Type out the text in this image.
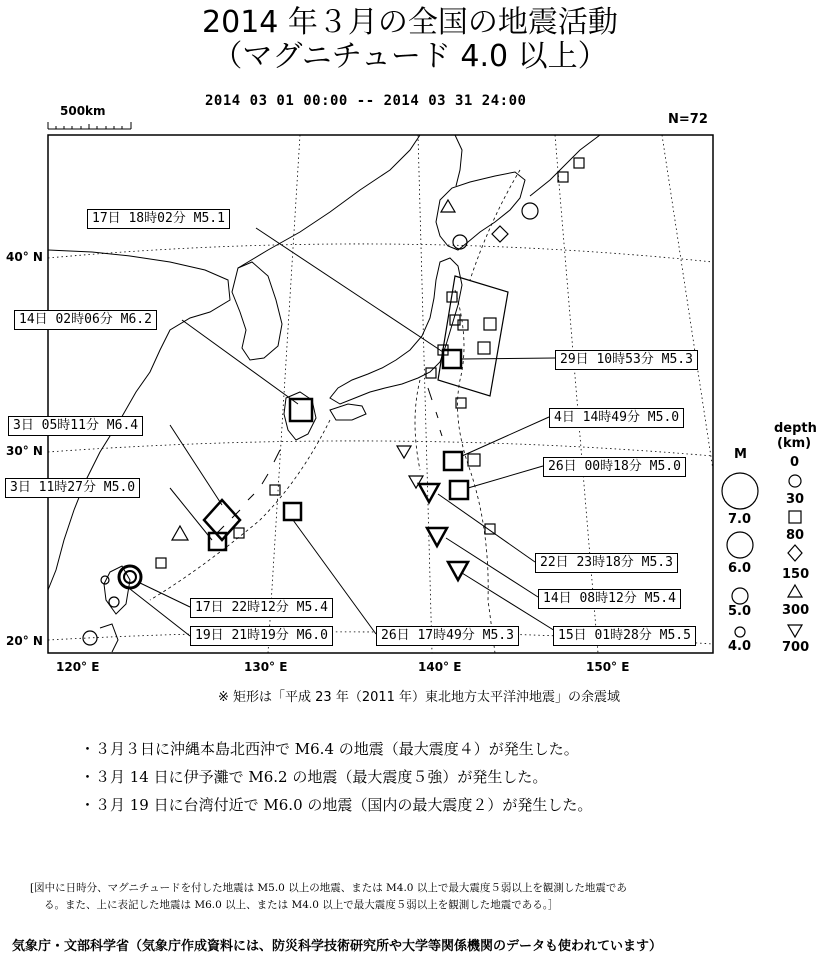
2014 年３月の全国の地震活動
（マグニチュード 4.0 以上）
2014 03 01 00:00 -- 2014 03 31 24:00
N=72
500km
40° N
30° N
20° N
120° E	130° E	140° E	150° E
17日 18時02分 M5.1
14日 02時06分 M6.2
3日 05時11分 M6.4
3日 11時27分 M5.0
29日 10時53分 M5.3
4日 14時49分 M5.0
26日 00時18分 M5.0
22日 23時18分 M5.3
14日 08時12分 M5.4
17日 22時12分 M5.4
19日 21時19分 M6.0	26日 17時49分 M5.3	15日 01時28分 M5.5
M
7.0
6.0
5.0
4.0
depth
(km)
0
30
80
150
300
700
※ 矩形は「平成 23 年（2011 年）東北地方太平洋沖地震」の余震域
・３月３日に沖縄本島北西沖で M6.4 の地震（最大震度４）が発生した。
・３月 14 日に伊予灘で M6.2 の地震（最大震度５強）が発生した。
・３月 19 日に台湾付近で M6.0 の地震（国内の最大震度２）が発生した。
[図中に日時分、マグニチュードを付した地震は M5.0 以上の地震、または M4.0 以上で最大震度５弱以上を観測した地震であ
る。また、上に表記した地震は M6.0 以上、または M4.0 以上で最大震度５弱以上を観測した地震である。］
気象庁・文部科学省（気象庁作成資料には、防災科学技術研究所や大学等関係機関のデータも使われています）
